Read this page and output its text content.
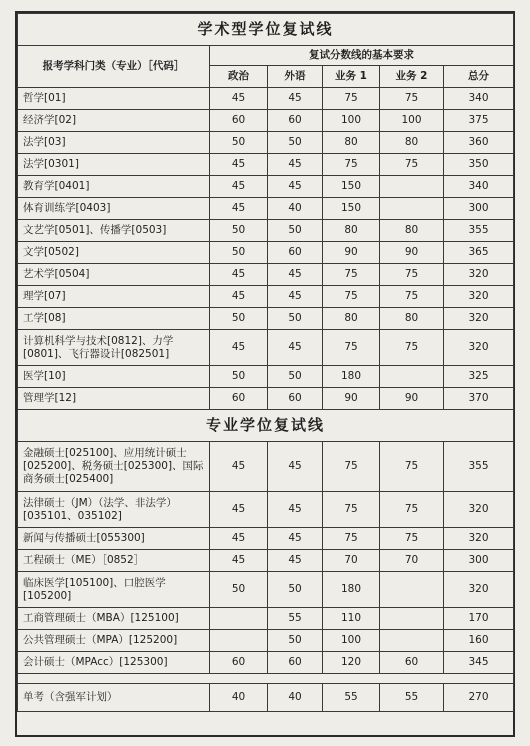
学术型学位复试线					
报考学科门类（专业）［代码］	复试分数线的基本要求				
	政治	外语	业务 1	业务 2	总分
哲学[01]	45	45	75	75	340
经济学[02]	60	60	100	100	375
法学[03]	50	50	80	80	360
法学[0301]	45	45	75	75	350
教育学[0401]	45	45	150		340
体育训练学[0403]	45	40	150		300
文艺学[0501]、传播学[0503]	50	50	80	80	355
文学[0502]	50	60	90	90	365
艺术学[0504]	45	45	75	75	320
理学[07]	45	45	75	75	320
工学[08]	50	50	80	80	320
计算机科学与技术[0812]、力学[0801]、飞行器设计[082501]	45	45	75	75	320
医学[10]	50	50	180		325
管理学[12]	60	60	90	90	370
专业学位复试线					
金融硕士[025100]、应用统计硕士[025200]、税务硕士[025300]、国际商务硕士[025400]	45	45	75	75	355
法律硕士（JM）（法学、非法学）[035101、035102]	45	45	75	75	320
新闻与传播硕士[055300]	45	45	75	75	320
工程硕士（ME）［0852］	45	45	70	70	300
临床医学[105100]、口腔医学[105200]	50	50	180		320
工商管理硕士（MBA）[125100]		55	110		170
公共管理硕士（MPA）[125200]		50	100		160
会计硕士（MPAcc）[125300]	60	60	120	60	345

单考（含强军计划）	40	40	55	55	270
